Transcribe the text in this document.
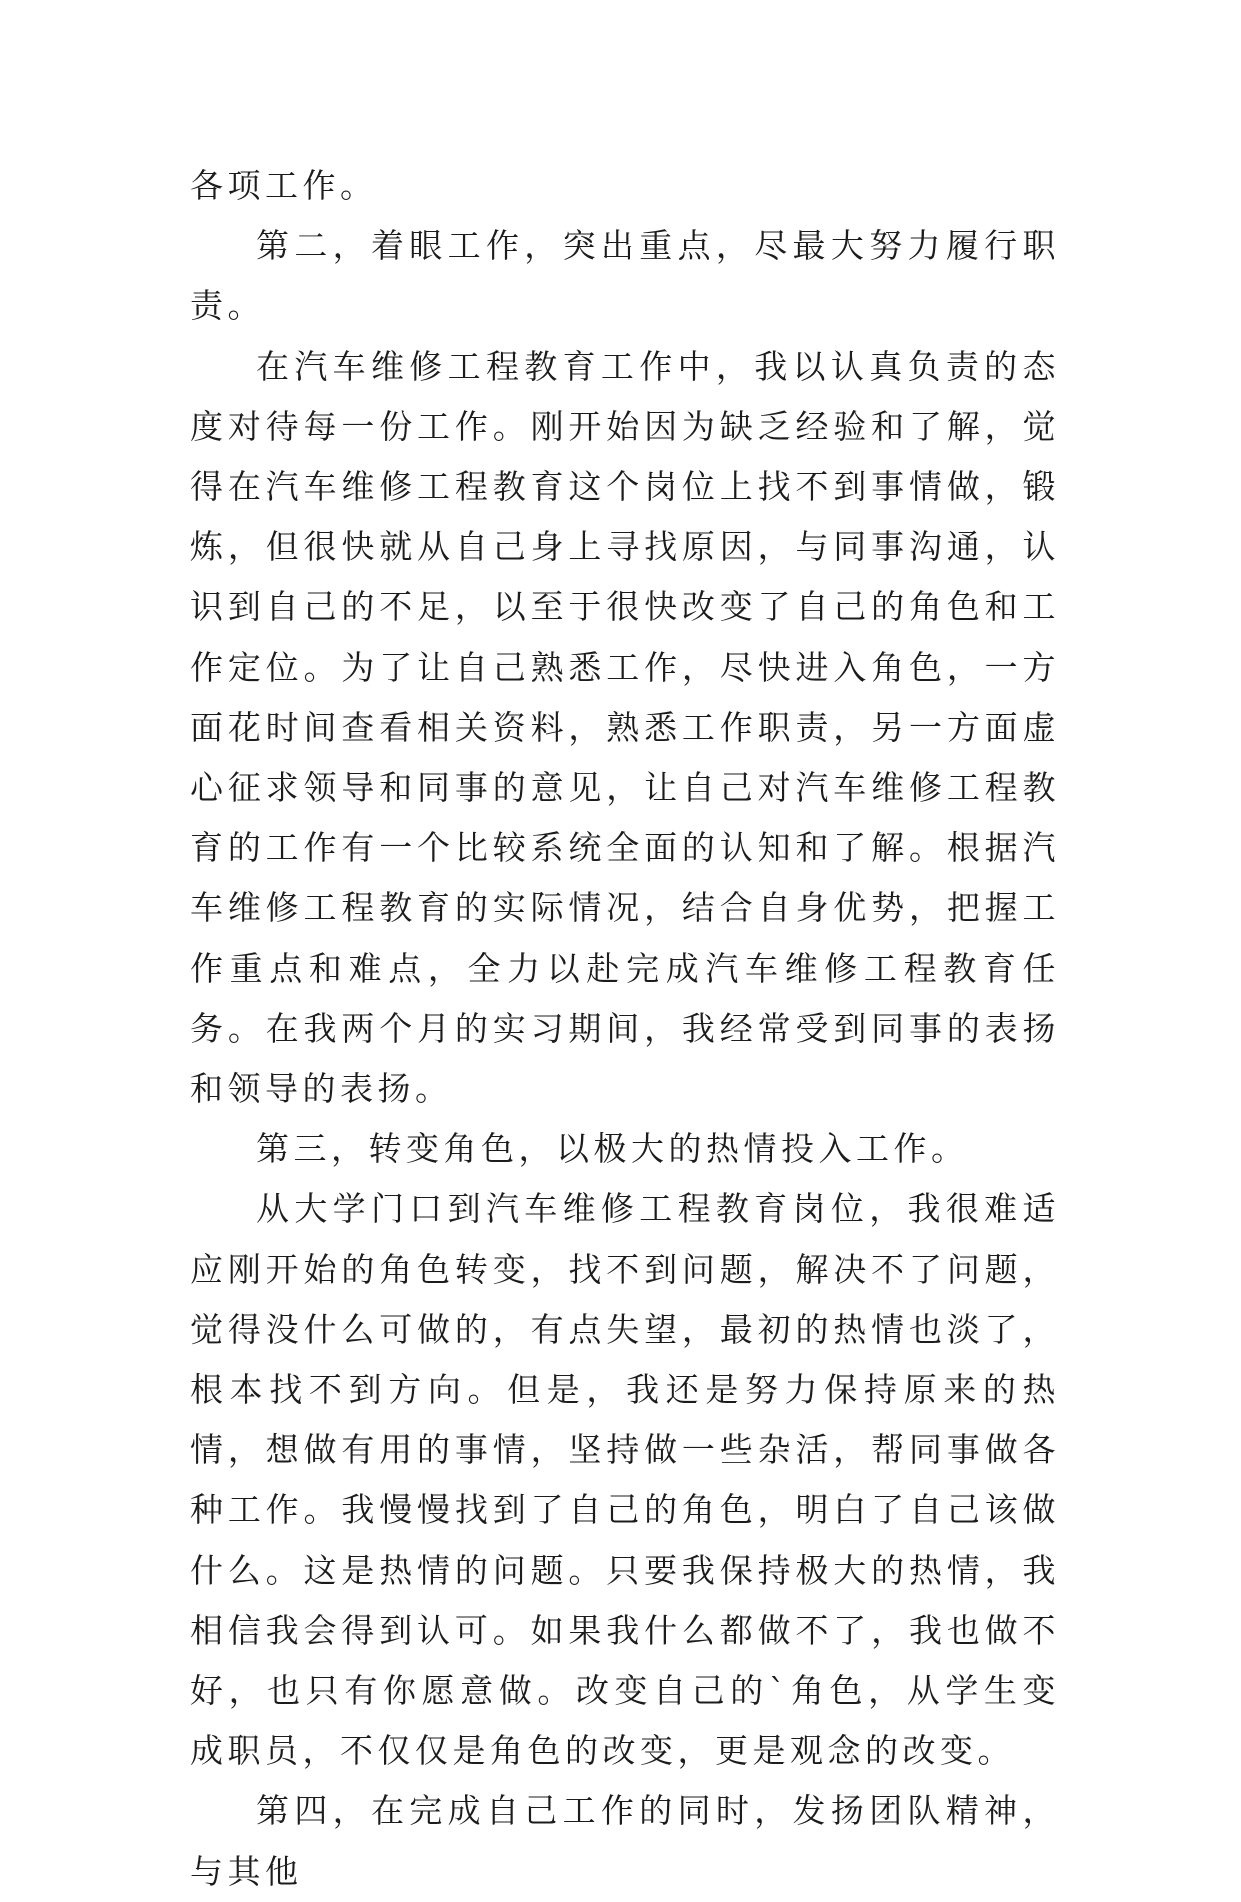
各项工作。

第二，着眼工作，突出重点，尽最大努力履行职责。

在汽车维修工程教育工作中，我以认真负责的态度对待每一份工作。刚开始因为缺乏经验和了解，觉得在汽车维修工程教育这个岗位上找不到事情做，锻炼，但很快就从自己身上寻找原因，与同事沟通，认识到自己的不足，以至于很快改变了自己的角色和工作定位。为了让自己熟悉工作，尽快进入角色，一方面花时间查看相关资料，熟悉工作职责，另一方面虚心征求领导和同事的意见，让自己对汽车维修工程教育的工作有一个比较系统全面的认知和了解。根据汽车维修工程教育的实际情况，结合自身优势，把握工作重点和难点，全力以赴完成汽车维修工程教育任务。在我两个月的实习期间，我经常受到同事的表扬和领导的表扬。

第三，转变角色，以极大的热情投入工作。

从大学门口到汽车维修工程教育岗位，我很难适应刚开始的角色转变，找不到问题，解决不了问题，觉得没什么可做的，有点失望，最初的热情也淡了，根本找不到方向。但是，我还是努力保持原来的热情，想做有用的事情，坚持做一些杂活，帮同事做各种工作。我慢慢找到了自己的角色，明白了自己该做什么。这是热情的问题。只要我保持极大的热情，我相信我会得到认可。如果我什么都做不了，我也做不好，也只有你愿意做。改变自己的`角色，从学生变成职员，不仅仅是角色的改变，更是观念的改变。

第四，在完成自己工作的同时，发扬团队精神，与其他
